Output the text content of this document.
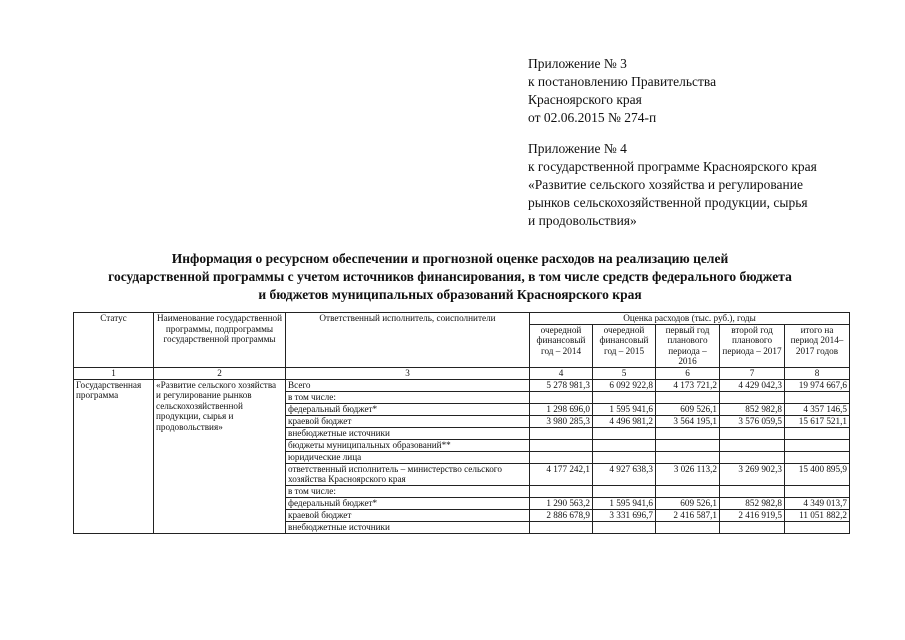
Приложение № 3
к постановлению Правительства
Красноярского края
от 02.06.2015 № 274-п
Приложение № 4
к государственной программе Красноярского края
«Развитие сельского хозяйства и регулирование
рынков сельскохозяйственной продукции, сырья
и продовольствия»
Информация о ресурсном обеспечении и прогнозной оценке расходов на реализацию целей
государственной программы с учетом источников финансирования, в том числе средств федерального бюджета
и бюджетов муниципальных образований Красноярского края
Статус	Наименование государственной программы, подпрограммы государственной программы	Ответственный исполнитель, соисполнители	Оценка расходов (тыс. руб.), годы				
			очередной финансовый год – 2014	очередной финансовый год – 2015	первый год планового периода – 2016	второй год планового периода – 2017	итого на период 2014–2017 годов
1	2	3	4	5	6	7	8
Государственная программа	«Развитие сельского хозяйства и регулирование рынков сельскохозяйственной продукции, сырья и продовольствия»	Всего	5 278 981,3	6 092 922,8	4 173 721,2	4 429 042,3	19 974 667,6
		в том числе:					
		федеральный бюджет*	1 298 696,0	1 595 941,6	609 526,1	852 982,8	4 357 146,5
		краевой бюджет	3 980 285,3	4 496 981,2	3 564 195,1	3 576 059,5	15 617 521,1
		внебюджетные источники					
		бюджеты муниципальных образований**					
		юридические лица					
		ответственный исполнитель – министерство сельского хозяйства Красноярского края	4 177 242,1	4 927 638,3	3 026 113,2	3 269 902,3	15 400 895,9
		в том числе:					
		федеральный бюджет*	1 290 563,2	1 595 941,6	609 526,1	852 982,8	4 349 013,7
		краевой бюджет	2 886 678,9	3 331 696,7	2 416 587,1	2 416 919,5	11 051 882,2
		внебюджетные источники					
